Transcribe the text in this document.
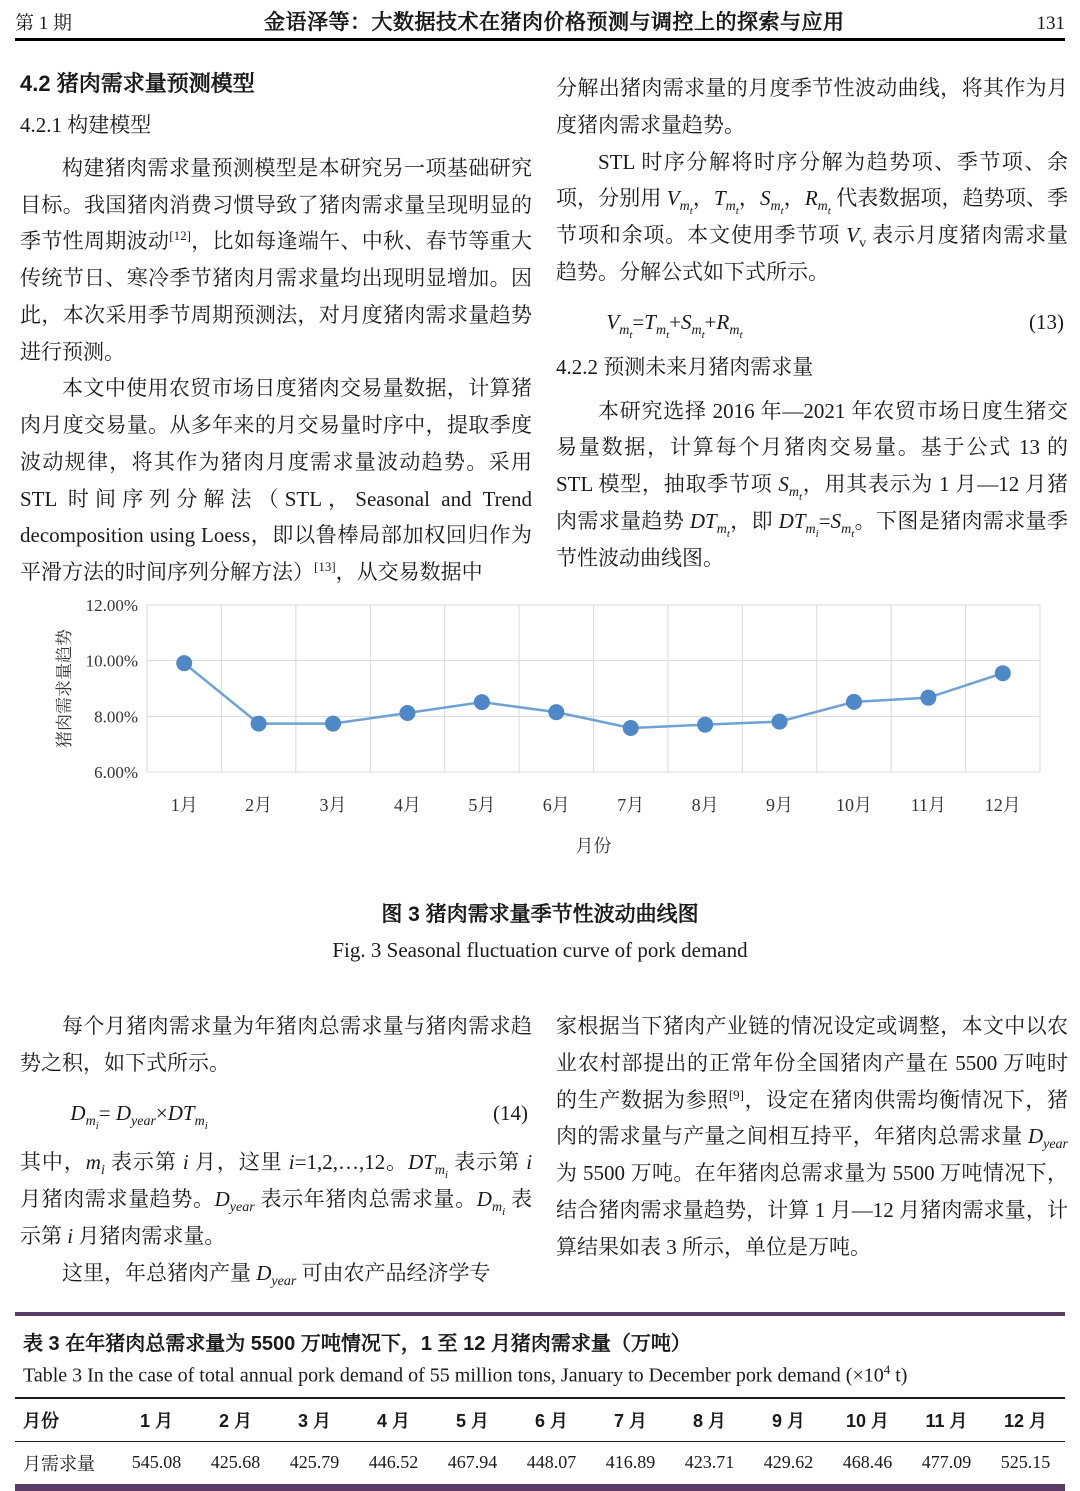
第 1 期	金语泽等：大数据技术在猪肉价格预测与调控上的探索与应用	131
4.2 猪肉需求量预测模型
4.2.1 构建模型

构建猪肉需求量预测模型是本研究另一项基础研究目标。我国猪肉消费习惯导致了猪肉需求量呈现明显的季节性周期波动[12]，比如每逢端午、中秋、春节等重大传统节日、寒冷季节猪肉月需求量均出现明显增加。因此，本次采用季节周期预测法，对月度猪肉需求量趋势进行预测。

本文中使用农贸市场日度猪肉交易量数据，计算猪肉月度交易量。从多年来的月交易量时序中，提取季度波动规律，将其作为猪肉月度需求量波动趋势。采用 STL 时间序列分解法（STL，Seasonal and Trend decomposition using Loess，即以鲁棒局部加权回归作为平滑方法的时间序列分解方法）[13]，从交易数据中

分解出猪肉需求量的月度季节性波动曲线，将其作为月度猪肉需求量趋势。

STL 时序分解将时序分解为趋势项、季节项、余项，分别用 $V_{m_t}$，$T_{m_t}$，$S_{m_t}$，$R_{m_t}$ 代表数据项，趋势项、季节项和余项。本文使用季节项 $V_v$ 表示月度猪肉需求量趋势。分解公式如下式所示。

$V_{m_t}=T_{m_t}+S_{m_t}+R_{m_t}$
(13)
4.2.2 预测未来月猪肉需求量

本研究选择 2016 年—2021 年农贸市场日度生猪交易量数据，计算每个月猪肉交易量。基于公式 13 的 STL 模型，抽取季节项 $S_{m_t}$，用其表示为 1 月—12 月猪肉需求量趋势 $DT_{m_t}$，即 $DT_{m_i}=S_{m_t}$。下图是猪肉需求量季节性波动曲线图。

6.00%
8.00%
10.00%
12.00%
1月	2月	3月	4月	5月	6月	7月	8月	9月 10月 11月 12月
月份
猪肉需求量趋势
图 3 猪肉需求量季节性波动曲线图
Fig. 3 Seasonal fluctuation curve of pork demand

每个月猪肉需求量为年猪肉总需求量与猪肉需求趋势之积，如下式所示。

$D_{m_i}= D_{year}\times DT_{m_i}$
(14)

其中，$m_i$ 表示第 i 月，这里 i=1,2,…,12。$DT_{m_i}$ 表示第 i 月猪肉需求量趋势。$D_{year}$ 表示年猪肉总需求量。$D_{m_i}$ 表示第 i 月猪肉需求量。

这里，年总猪肉产量 $D_{year}$ 可由农产品经济学专

家根据当下猪肉产业链的情况设定或调整，本文中以农业农村部提出的正常年份全国猪肉产量在 5500 万吨时的生产数据为参照[9]，设定在猪肉供需均衡情况下，猪肉的需求量与产量之间相互持平，年猪肉总需求量 $D_{year}$ 为 5500 万吨。在年猪肉总需求量为 5500 万吨情况下，结合猪肉需求量趋势，计算 1 月—12 月猪肉需求量，计算结果如表 3 所示，单位是万吨。

表 3 在年猪肉总需求量为 5500 万吨情况下，1 至 12 月猪肉需求量（万吨）
Table 3 In the case of total annual pork demand of 55 million tons, January to December pork demand ($\times 10^4$ t)
月份	1 月	2 月	3 月	4 月	5 月	6 月	7 月	8 月	9 月	10 月	11 月	12 月
月需求量	545.08	425.68	425.79	446.52	467.94	448.07	416.89	423.71	429.62	468.46	477.09	525.15
